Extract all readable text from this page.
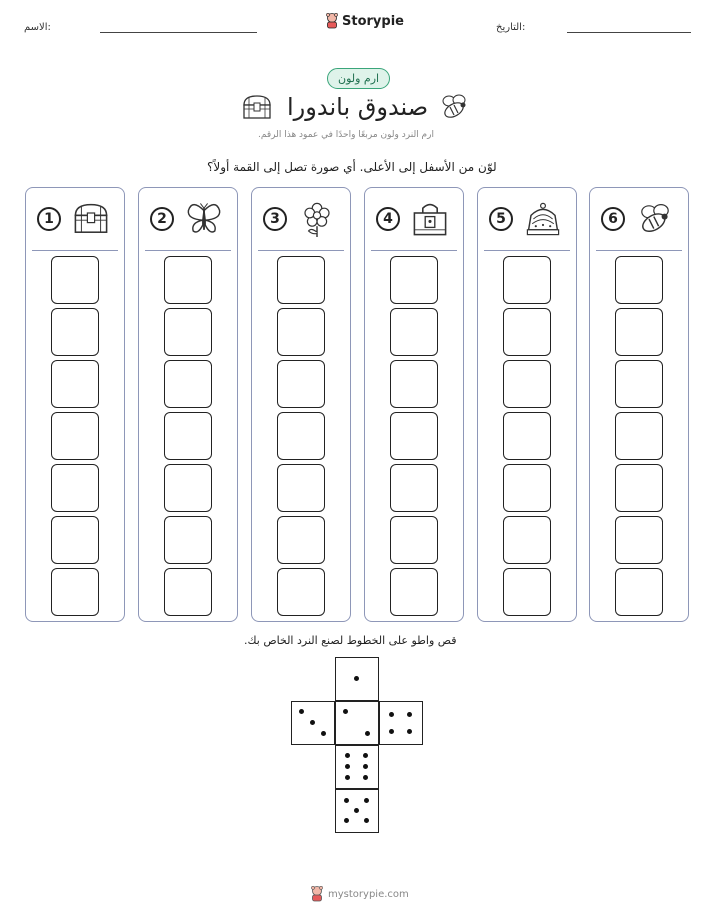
الاسم:	Storypie	التاريخ:
ارم ولون
صندوق باندورا
ارم النرد ولون مربعًا واحدًا في عمود هذا الرقم.
لوّن من الأسفل إلى الأعلى. أي صورة تصل إلى القمة أولاً؟
1	2	3	4	5	6
قص واطو على الخطوط لصنع النرد الخاص بك.
mystorypie.com
